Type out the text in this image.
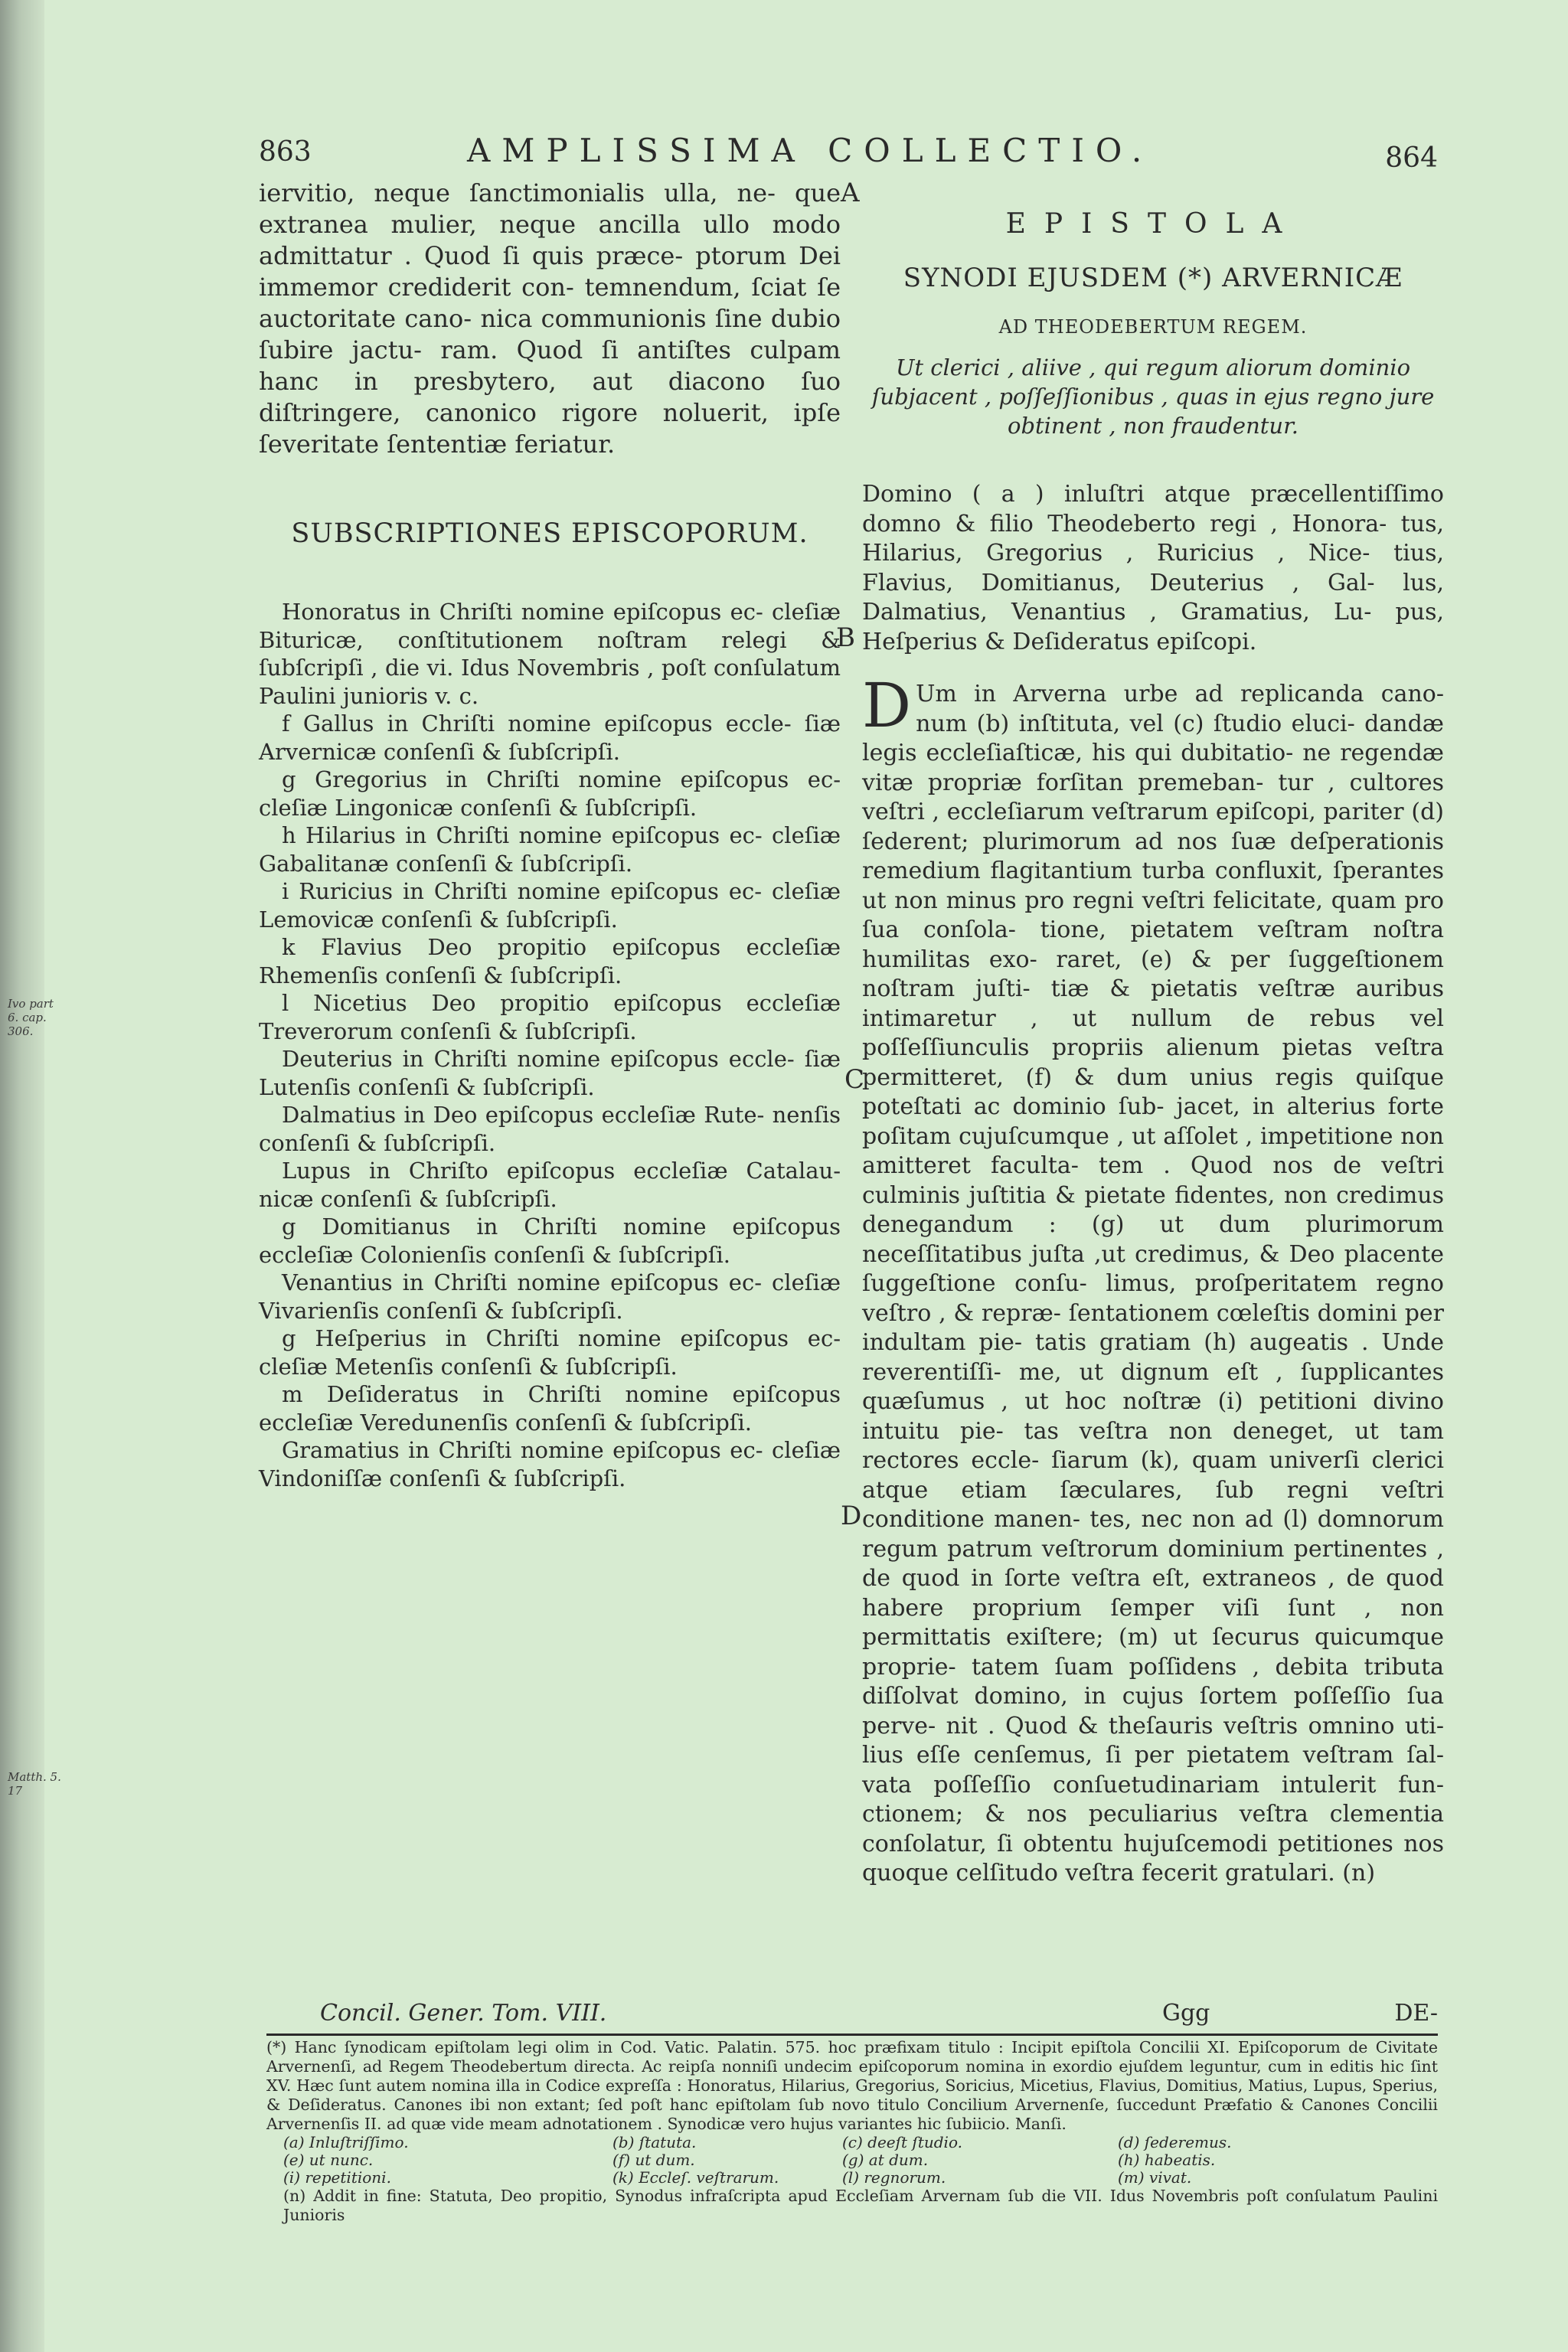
Ivo part 6. cap. 306.
Matth. 5. 17
863	AMPLISSIMA COLLECTIO.	864
A
B
C
D

iervitio, neque ſanctimonialis ulla, ne- que extranea mulier, neque ancilla ullo modo admittatur . Quod ſi quis præce- ptorum Dei immemor crediderit con- temnendum, ſciat ſe auctoritate cano- nica communionis ſine dubio ſubire jactu- ram. Quod ſi antiſtes culpam hanc in presbytero, aut diacono ſuo diſtringere, canonico rigore noluerit, ipſe ſeveritate ſententiæ feriatur.

SUBSCRIPTIONES EPISCOPORUM.

Honoratus in Chriſti nomine epiſcopus ec- cleſiæ Bituricæ, conſtitutionem noſtram relegi & ſubſcripſi , die vi. Idus Novembris , poſt conſulatum Paulini junioris v. c.

f Gallus in Chriſti nomine epiſcopus eccle- ſiæ Arvernicæ conſenſi & ſubſcripſi.

g Gregorius in Chriſti nomine epiſcopus ec- cleſiæ Lingonicæ conſenſi & ſubſcripſi.

h Hilarius in Chriſti nomine epiſcopus ec- cleſiæ Gabalitanæ conſenſi & ſubſcripſi.

i Ruricius in Chriſti nomine epiſcopus ec- cleſiæ Lemovicæ conſenſi & ſubſcripſi.

k Flavius Deo propitio epiſcopus eccleſiæ Rhemenſis conſenſi & ſubſcripſi.

l Nicetius Deo propitio epiſcopus eccleſiæ Treverorum conſenſi & ſubſcripſi.

Deuterius in Chriſti nomine epiſcopus eccle- ſiæ Lutenſis conſenſi & ſubſcripſi.

Dalmatius in Deo epiſcopus eccleſiæ Rute- nenſis conſenſi & ſubſcripſi.

Lupus in Chriſto epiſcopus eccleſiæ Catalau- nicæ conſenſi & ſubſcripſi.

g Domitianus in Chriſti nomine epiſcopus eccleſiæ Colonienſis conſenſi & ſubſcripſi.

Venantius in Chriſti nomine epiſcopus ec- cleſiæ Vivarienſis conſenſi & ſubſcripſi.

g Heſperius in Chriſti nomine epiſcopus ec- cleſiæ Metenſis conſenſi & ſubſcripſi.

m Deſideratus in Chriſti nomine epiſcopus eccleſiæ Veredunenſis conſenſi & ſubſcripſi.

Gramatius in Chriſti nomine epiſcopus ec- cleſiæ Vindoniſſæ conſenſi & ſubſcripſi.

EPISTOLA

SYNODI EJUSDEM (*) ARVERNICÆ

AD THEODEBERTUM REGEM.

Ut clerici , aliive , qui regum aliorum dominio ſubjacent , poſſeſſionibus , quas in ejus regno jure obtinent , non fraudentur.

Domino ( a ) inluſtri atque præcellentiſſimo domno & filio Theodeberto regi , Honora- tus, Hilarius, Gregorius , Ruricius , Nice- tius, Flavius, Domitianus, Deuterius , Gal- lus, Dalmatius, Venantius , Gramatius, Lu- pus, Heſperius & Deſideratus epiſcopi.

D Um in Arverna urbe ad replicanda cano- num (b) inſtituta, vel (c) ſtudio eluci- dandæ legis eccleſiaſticæ, his qui dubitatio- ne regendæ vitæ propriæ forſitan premeban- tur , cultores veſtri , eccleſiarum veſtrarum epiſcopi, pariter (d) ſederent; plurimorum ad nos ſuæ deſperationis remedium flagitantium turba confluxit, ſperantes ut non minus pro regni veſtri felicitate, quam pro ſua conſola- tione, pietatem veſtram noſtra humilitas exo- raret, (e) & per ſuggeſtionem noſtram juſti- tiæ & pietatis veſtræ auribus intimaretur , ut nullum de rebus vel poſſeſſiunculis propriis alienum pietas veſtra permitteret, (f) & dum unius regis quiſque poteſtati ac dominio ſub- jacet, in alterius forte poſitam cujuſcumque , ut aſſolet , impetitione non amitteret faculta- tem . Quod nos de veſtri culminis juſtitia & pietate fidentes, non credimus denegandum : (g) ut dum plurimorum neceſſitatibus juſta ,ut credimus, & Deo placente ſuggeſtione conſu- limus, proſperitatem regno veſtro , & repræ- ſentationem cœleſtis domini per indultam pie- tatis gratiam (h) augeatis . Unde reverentiſſi- me, ut dignum eſt , ſupplicantes quæſumus , ut hoc noſtræ (i) petitioni divino intuitu pie- tas veſtra non deneget, ut tam rectores eccle- ſiarum (k), quam univerſi clerici atque etiam ſæculares, ſub regni veſtri conditione manen- tes, nec non ad (l) domnorum regum patrum veſtrorum dominium pertinentes , de quod in ſorte veſtra eſt, extraneos , de quod habere proprium ſemper viſi ſunt , non permittatis exiſtere; (m) ut ſecurus quicumque proprie- tatem ſuam poſſidens , debita tributa diſſolvat domino, in cujus ſortem poſſeſſio ſua perve- nit . Quod & theſauris veſtris omnino uti- lius eſſe cenſemus, ſi per pietatem veſtram ſal- vata poſſeſſio conſuetudinariam intulerit fun- ctionem; & nos peculiarius veſtra clementia conſolatur, ſi obtentu hujuſcemodi petitiones nos quoque celſitudo veſtra fecerit gratulari. (n)

Concil. Gener. Tom. VIII.	Ggg	DE-

(*) Hanc ſynodicam epiſtolam legi olim in Cod. Vatic. Palatin. 575. hoc præfixam titulo : Incipit epiſtola Concilii XI. Epiſcoporum de Civitate Arvernenſi, ad Regem Theodebertum directa. Ac reipſa nonniſi undecim epiſcoporum nomina in exordio ejuſdem leguntur, cum in editis hic ſint XV. Hæc ſunt autem nomina illa in Codice expreſſa : Honoratus, Hilarius, Gregorius, Soricius, Micetius, Flavius, Domitius, Matius, Lupus, Sperius, & Deſideratus. Canones ibi non extant; ſed poſt hanc epiſtolam ſub novo titulo Concilium Arvernenſe, ſuccedunt Præfatio & Canones Concilii Arvernenſis II. ad quæ vide meam adnotationem . Synodicæ vero hujus variantes hic ſubiicio. Manſi.

(a) Inluſtriſſimo.	(b) ſtatuta.	(c) deeſt ſtudio.	(d) ſederemus.
(e) ut nunc.	(f) ut dum.	(g) at dum.	(h) habeatis.
(i) repetitioni.	(k) Eccleſ. veſtrarum.	(l) regnorum.	(m) vivat.

(n) Addit in fine: Statuta, Deo propitio, Synodus infraſcripta apud Eccleſiam Arvernam ſub die VII. Idus Novembris poſt conſulatum Paulini Junioris
